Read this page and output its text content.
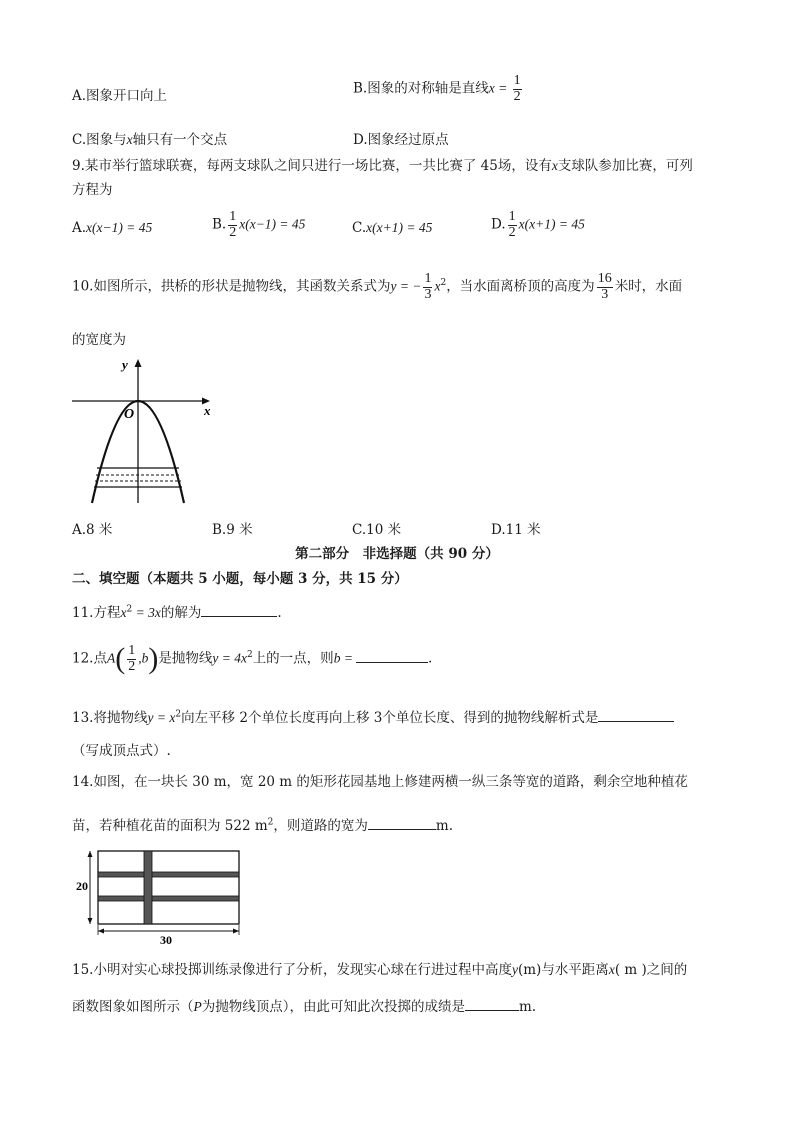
A.图象开口向上	B.图象的对称轴是直线$x = \frac{1}{2}$
C.图象与x轴只有一个交点	D.图象经过原点
9.某市举行篮球联赛，每两支球队之间只进行一场比赛，一共比赛了 45场，设有x支球队参加比赛，可列
方程为
A.x(x−1) = 45	B. $\frac{1}{2} x(x-1) = 45$	C.x(x+1) = 45	D. $\frac{1}{2} x(x+1) = 45$
10.如图所示，拱桥的形状是抛物线，其函数关系式为y = − $\frac{1}{3} x^2$，当水面离桥顶的高度为 $\frac{16}{3}$ 米时，水面
的宽度为
y
x
O
A.8 米	B.9 米	C.10 米	D.11 米
第二部分　非选择题（共 90 分）
二、填空题（本题共 5 小题，每小题 3 分，共 15 分）
11.方程$x^2 = 3x$的解为	.
12.点$A( \frac{1}{2} ,b)$是抛物线$y = 4x^2$上的一点，则b =	.
13.将抛物线$y = x^2$向左平移 2个单位长度再向上移 3个单位长度、得到的抛物线解析式是
（写成顶点式）.
14.如图，在一块长 30 m，宽 20 m 的矩形花园基地上修建两横一纵三条等宽的道路，剩余空地种植花
苗，若种植花苗的面积为 522 $m^2$，则道路的宽为	m.
20
30
15.小明对实心球投掷训练录像进行了分析，发现实心球在行进过程中高度y(m)与水平距离x( m )之间的
函数图象如图所示（P为抛物线顶点），由此可知此次投掷的成绩是	m.
